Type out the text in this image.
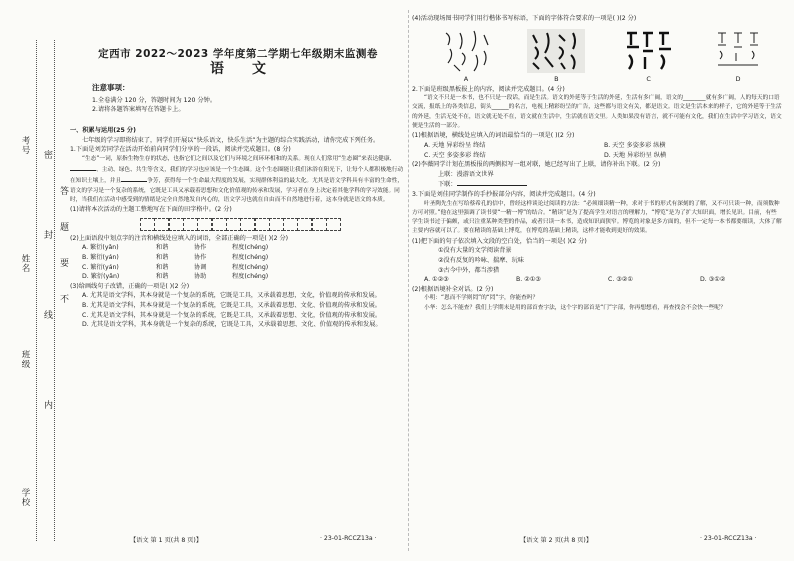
考号
姓名
班级
学校
密
封
线
内
答
题
要
不

定西市 2022～2023 学年度第二学期七年级期末监测卷

语文

注意事项：

1.全卷满分 120 分，答题时间为 120 分钟。

2.请将各题答案填写在答题卡上。

一、积累与运用(25 分)

七年级的学习即将结束了，同学们开展以“快乐语文，快乐生活”为主题的综合实践活动，请你完成下列任务。

1.下面是刘芳同学在活动开始前向同学们分享的一段话，阅读并完成题目。(8 分)

“生态”一词，原指生物生存的状态，也指它们之间以及它们与环境之间环环相和的关系。现在人们常用“生态圈”来表达健康、、主动、绿色、共生等含义，我们的学习也应该是一个生态圈。这个生态圈能让我们沐浴在阳光下，让每个人都积极地行动在知识土壤上，并且	争芳，获得每一个生命最大程度的发展，实现群体利益的最大化。尤其是语文学科具有丰富的生命性，语文的学习是一个复杂的系统，它既是工具又承载着思想和文化价值观的传承和发展，学习者在身上决定着其他学科的学习效能。同时，当我们在活动中感受到的情绪是完全自然地发自内心的，语文学习也就在自由而不自然地进行着，这本身就是语文的本质。

(1)请将本次活动的主题工整地写在下面的田字格中。(2 分)

(2)上面语段中划点字的注音和横线处应填入的词语，全部正确的一项是( )(2 分)

A. 繁衍(yǎn)	和谐	协作	程度(chéng)
B. 繁衍(yán)	和谐	协作	程度(chéng)
C. 繁衍(yán)	和谐	协调	程度(chéng)
D. 繁衍(yǎn)	和谐	协助	程度(chéng)

(3)给画线句子改错，正确的一项是( )(2 分)

A. 尤其是语文学科，其本身就是一个复杂的系统，它既是工具，又承载着思想，文化，价值观的传承和发展。

B. 尤其是语文学科，其本身就是一个复杂的系统，它既是工具，又承载着思想、文化、价值观的传承和发展。

C. 尤其是语文学科，其本身就是一个复杂的系统，它既是工具，又承载着思想、文化，价值观的传承和发展。

D. 尤其是语文学科，其本身就是一个复杂的系统，它既是工具，又承载着思想、文化、价值观的传承和发展。

【语文 第 1 页(共 8 页)】	· 23-01-RCCZ13a ·

(4)活动现场图书同学们用行楷体书写标语，下面的字体符合要求的一项是( )(2 分)

A	B	C	D

2.下面是班级黑板报上的内容，阅读并完成题目。(4 分)

“语文不只是一本书，也不只是一段话，而是生活。语文的外延等于生活的外延，生活有多广阔，语文的________就有多广阔，人的每天的口语交流，报纸上的各类信息，街头______的名言，电视上精彩纷呈的广告，这些都与语文有关，都是语文。语文是生活本来的样子，它的外延等于生活的外延，生活无处不在，语文就无处不在，语文就在生活中，生活就在语文里。人类如果没有语言，就不可能有文化，我们在生活中学习语文，语文便是生活的一部分。

(1)根据语境，横线处应填入的词语最恰当的一项是( )(2 分)

A. 天地 异彩纷呈 终结	B. 天空 多姿多彩 纵横
C. 天空 多姿多彩 终结	D. 天地 异彩纷呈 纵横

(2)李薇同学计划在黑板报的两侧拟写一组对联，她已经写出了上联，请你补出下联。(2 分)

上联：漫游语文世界

下联：

3.下面是刘佳同学制作的手抄报部分内容，阅读并完成题目。(4 分)

叶圣陶先生在写给蔡希孔的信中，曾经这样谈论过阅读的方法：“必须细读精一种，求对于书的形式有深刻的了解，又不可只读一种，而须数种方可对照。”他在这里强调了读书要“一精一博”的结合。“精读”是为了提高学生对语言的理解力，“博览”是为了扩大知识面，增长见识。目前，有些学生读书过于偏颇，或只注重某种类型的作品，或者只读一本书，造成知识面狭窄。博览的对象是多方面的，但不一定每一本书都要细读，大体了解主要内容就可以了。要在精读的基础上博览，在博览的基础上精读，这样才能收到更好的效果。

(1)把下面的句子依次填入文段的空白处，恰当的一项是( )(2 分)

①没有大量的文学阅读背景

②没有反复的吟咏、揣摩、玩味

③古今中外，都当涉猎

A. ①②③	B. ②①③	C. ③②①	D. ③①②

(2)根据语境补全对话。(2 分)

小明：“恩而不学则罔”的“罔”字，你能查吗？

小华：怎么不能查？我们上学期末是用的部首查字法，这个字的部首是“门”字部，你再想想看，再查找会不会快一些呢？

【语文 第 2 页(共 8 页)】	· 23-01-RCCZ13a ·
